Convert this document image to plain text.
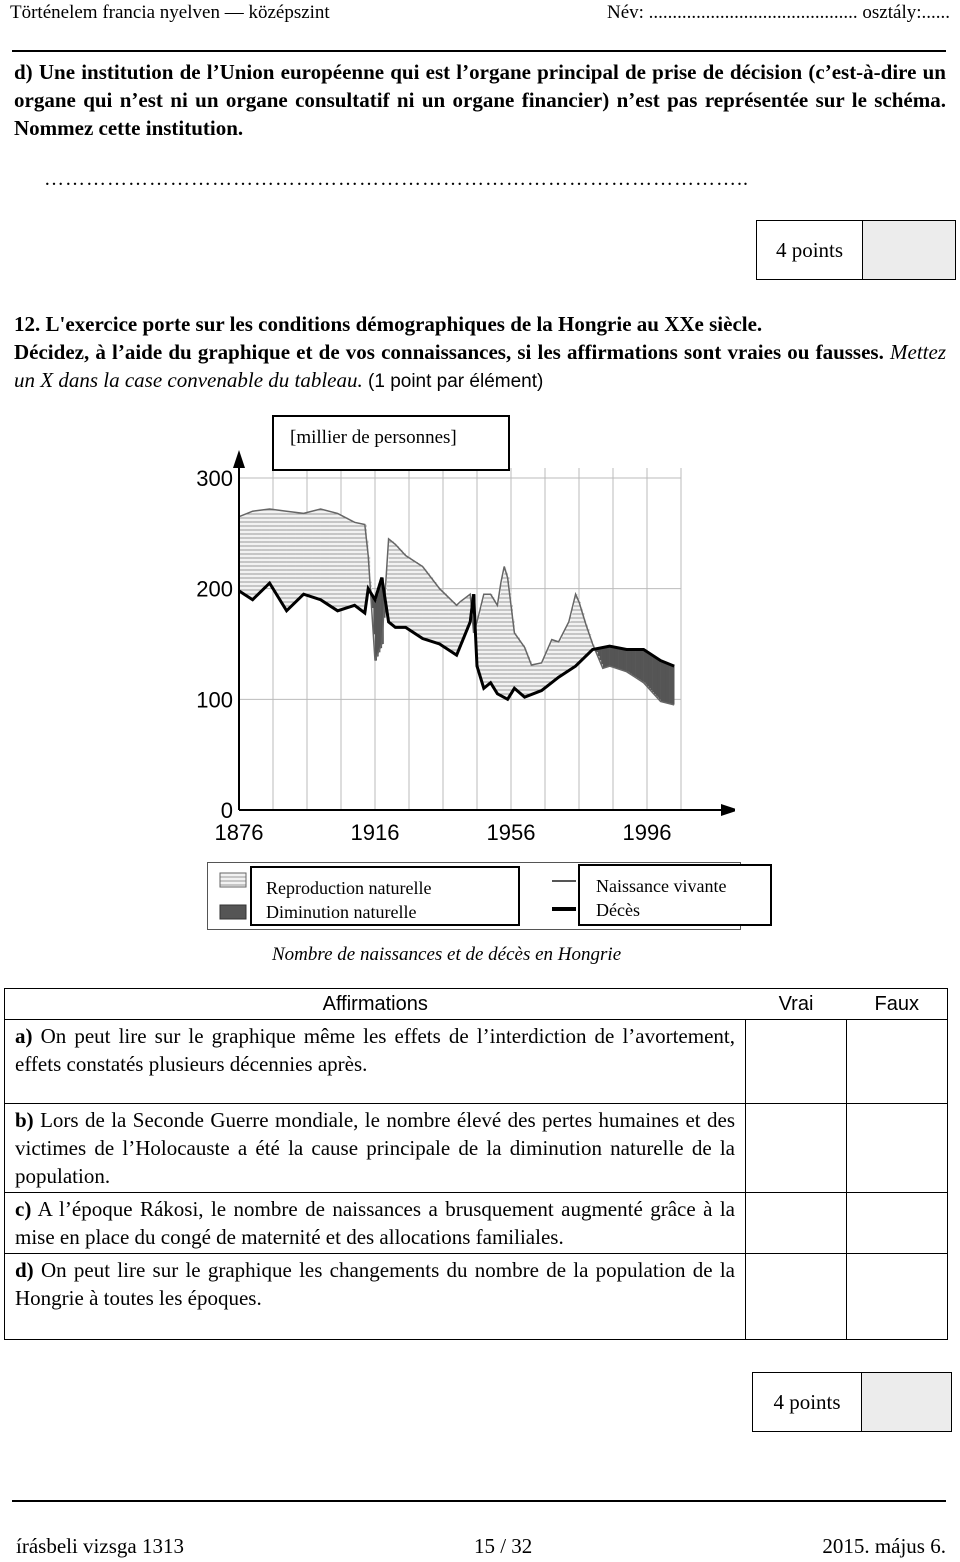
Történelem francia nyelven — középszint	Név: ............................................ osztály:......
d) Une institution de l’Union européenne qui est l’organe principal de prise de décision (c’est-à-dire un organe qui n’est ni un organe consultatif ni un organe financier) n’est pas représentée sur le schéma. Nommez cette institution.
………………………………………………………………………………………..
4 points
12. L'exercice porte sur les conditions démographiques de la Hongrie au XXe siècle.
Décidez, à l’aide du graphique et de vos connaissances, si les affirmations sont vraies ou fausses. Mettez un X dans la case convenable du tableau. (1 point par élément)
300
200
100
0
1876	1916	1956	1996
[millier de personnes]
Reproduction naturelle
Diminution naturelle
Naissance vivante
Décès
Nombre de naissances et de décès en Hongrie
Affirmations	Vrai	Faux
a) On peut lire sur le graphique même les effets de l’interdiction de l’avortement, effets constatés plusieurs décennies après.		
b) Lors de la Seconde Guerre mondiale, le nombre élevé des pertes humaines et des victimes de l’Holocauste a été la cause principale de la diminution naturelle de la population.		
c) A l’époque Rákosi, le nombre de naissances a brusquement augmenté grâce à la mise en place du congé de maternité et des allocations familiales.		
d) On peut lire sur le graphique les changements du nombre de la population de la Hongrie à toutes les époques.		
4 points
írásbeli vizsga 1313	15 / 32	2015. május 6.
